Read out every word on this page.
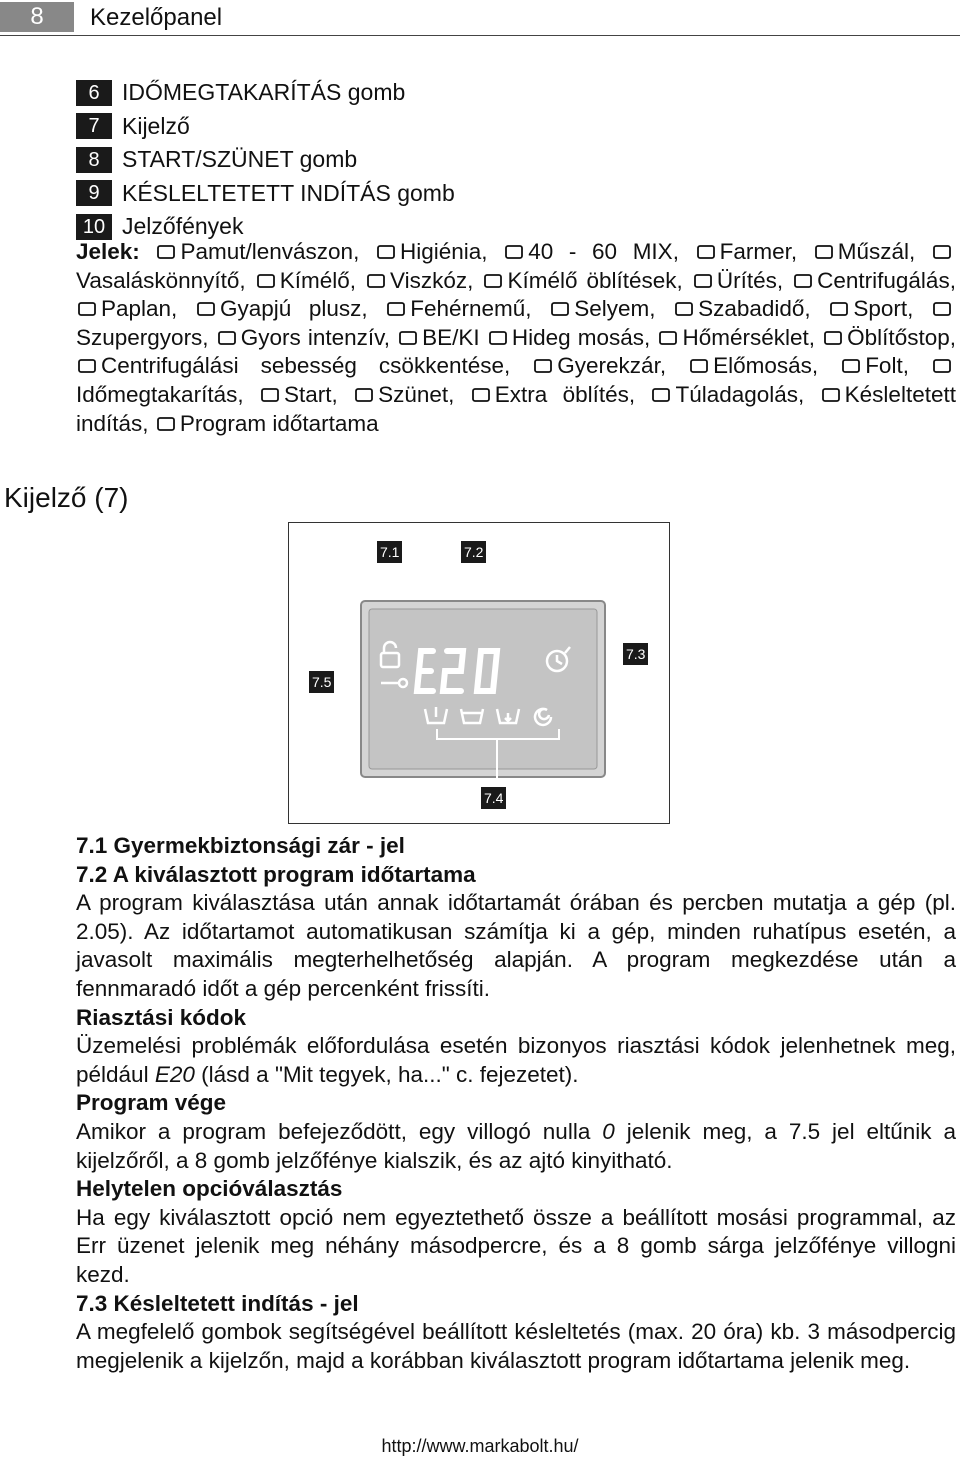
8	Kezelőpanel
6 IDŐMEGTAKARÍTÁS gomb
7 Kijelző
8 START/SZÜNET gomb
9 KÉSLELTETETT INDÍTÁS gomb
10 Jelzőfények
Jelek: Pamut/lenvászon, Higiénia, 40 - 60 MIX, Farmer, Műszál, Vasaláskönnyítő, Kímélő, Viszkóz, Kímélő öblítések, Ürítés, Centrifugálás, Paplan, Gyapjú plusz, Fehérnemű, Selyem, Szabadidő, Sport, Szupergyors, Gyors intenzív, BE/KI Hideg mosás, Hőmérséklet, Öblítőstop, Centrifugálási sebesség csökkentése, Gyerekzár, Előmosás, Folt, Időmegtakarítás, Start, Szünet, Extra öblítés, Túladagolás, Késleltetett indítás, Program időtartama
Kijelző (7)
7.1	7.2
7.3
7.4
7.5

7.1 Gyermekbiztonsági zár - jel

7.2 A kiválasztott program időtartama

A program kiválasztása után annak időtartamát órában és percben mutatja a gép (pl. 2.05). Az időtartamot automatikusan számítja ki a gép, minden ruhatípus esetén, a javasolt maximális megterhelhetőség alapján. A program megkezdése után a fennmaradó időt a gép percenként frissíti.

Riasztási kódok

Üzemelési problémák előfordulása esetén bizonyos riasztási kódok jelenhetnek meg, például E20 (lásd a "Mit tegyek, ha..." c. fejezetet).

Program vége

Amikor a program befejeződött, egy villogó nulla 0 jelenik meg, a 7.5 jel eltűnik a kijelzőről, a 8 gomb jelzőfénye kialszik, és az ajtó kinyitható.

Helytelen opcióválasztás

Ha egy kiválasztott opció nem egyeztethető össze a beállított mosási programmal, az Err üzenet jelenik meg néhány másodpercre, és a 8 gomb sárga jelzőfénye villogni kezd.

7.3 Késleltetett indítás - jel

A megfelelő gombok segítségével beállított késleltetés (max. 20 óra) kb. 3 másodpercig megjelenik a kijelzőn, majd a korábban kiválasztott program időtartama jelenik meg.

http://www.markabolt.hu/
